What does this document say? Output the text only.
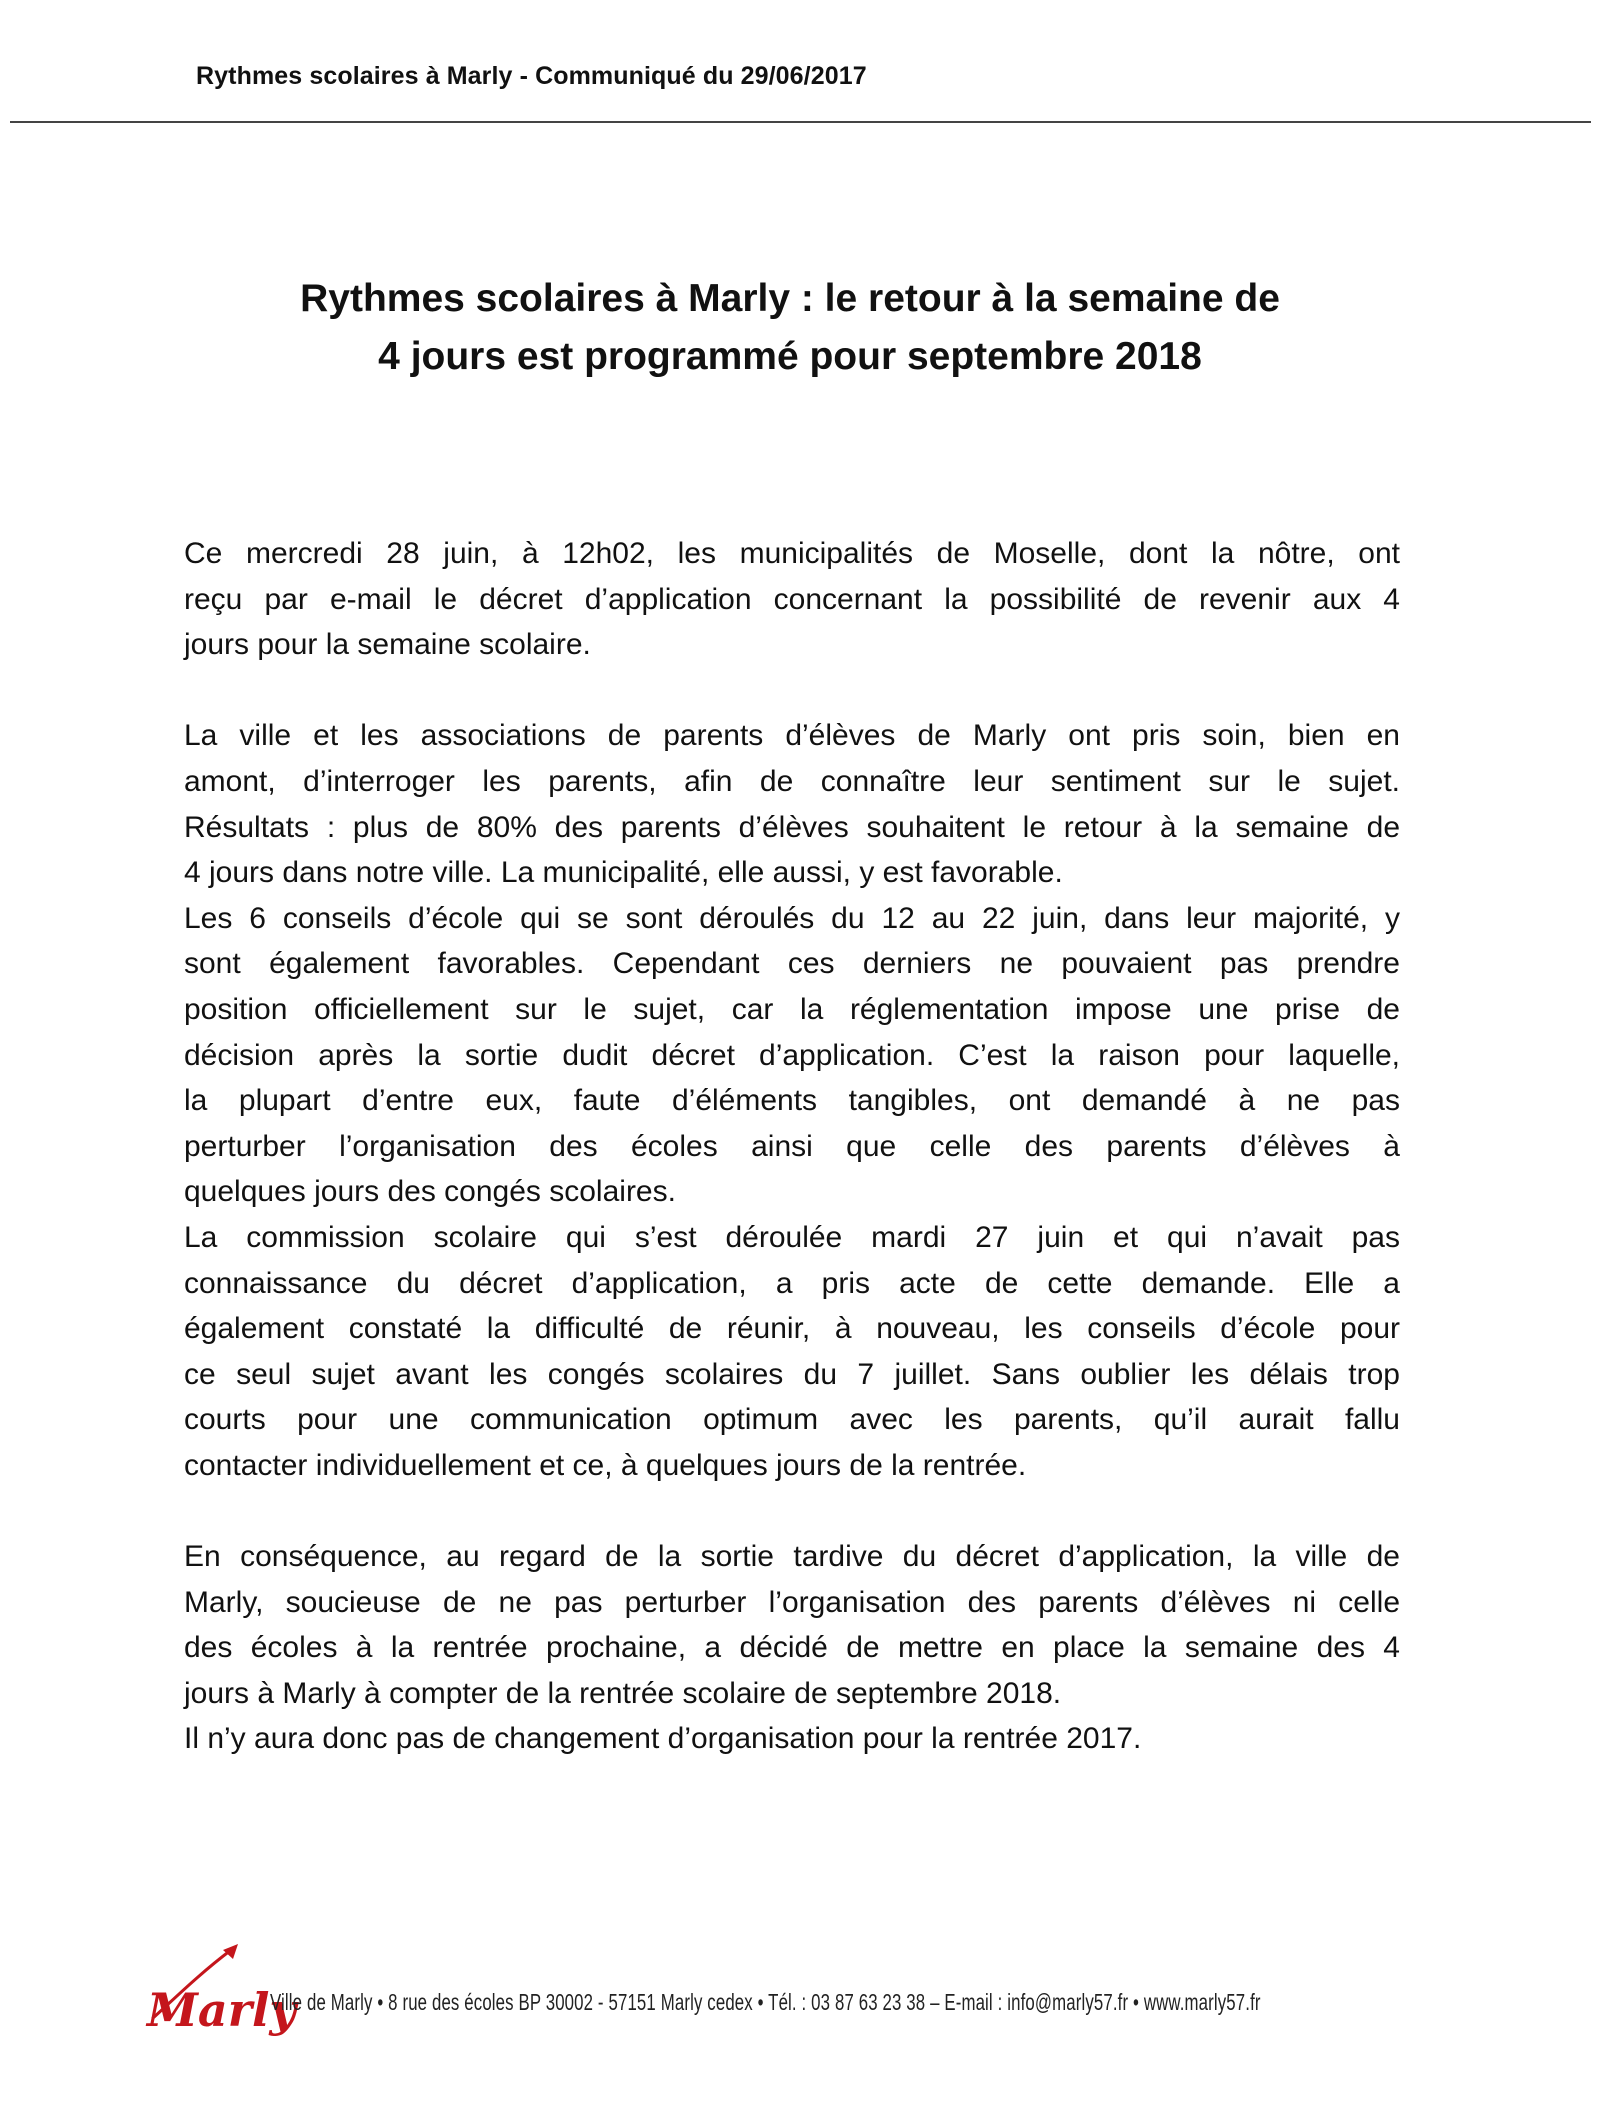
Rythmes scolaires à Marly - Communiqué du 29/06/2017
Rythmes scolaires à Marly : le retour à la semaine de
4 jours est programmé pour septembre 2018

Ce mercredi 28 juin, à 12h02, les municipalités de Moselle, dont la nôtre, ont
reçu par e-mail le décret d’application concernant la possibilité de revenir aux 4
jours pour la semaine scolaire.

La ville et les associations de parents d’élèves de Marly ont pris soin, bien en
amont, d’interroger les parents, afin de connaître leur sentiment sur le sujet.
Résultats : plus de 80% des parents d’élèves souhaitent le retour à la semaine de
4 jours dans notre ville. La municipalité, elle aussi, y est favorable.
Les 6 conseils d’école qui se sont déroulés du 12 au 22 juin, dans leur majorité, y
sont également favorables. Cependant ces derniers ne pouvaient pas prendre
position officiellement sur le sujet, car la réglementation impose une prise de
décision après la sortie dudit décret d’application. C’est la raison pour laquelle,
la plupart d’entre eux, faute d’éléments tangibles, ont demandé à ne pas
perturber l’organisation des écoles ainsi que celle des parents d’élèves à
quelques jours des congés scolaires.
La commission scolaire qui s’est déroulée mardi 27 juin et qui n’avait pas
connaissance du décret d’application, a pris acte de cette demande. Elle a
également constaté la difficulté de réunir, à nouveau, les conseils d’école pour
ce seul sujet avant les congés scolaires du 7 juillet. Sans oublier les délais trop
courts pour une communication optimum avec les parents, qu’il aurait fallu
contacter individuellement et ce, à quelques jours de la rentrée.

En conséquence, au regard de la sortie tardive du décret d’application, la ville de
Marly, soucieuse de ne pas perturber l’organisation des parents d’élèves ni celle
des écoles à la rentrée prochaine, a décidé de mettre en place la semaine des 4
jours à Marly à compter de la rentrée scolaire de septembre 2018.
Il n’y aura donc pas de changement d’organisation pour la rentrée 2017.

Marly
Ville de Marly • 8 rue des écoles BP 30002 - 57151 Marly cedex • Tél. : 03 87 63 23 38 – E-mail : info@marly57.fr • www.marly57.fr
